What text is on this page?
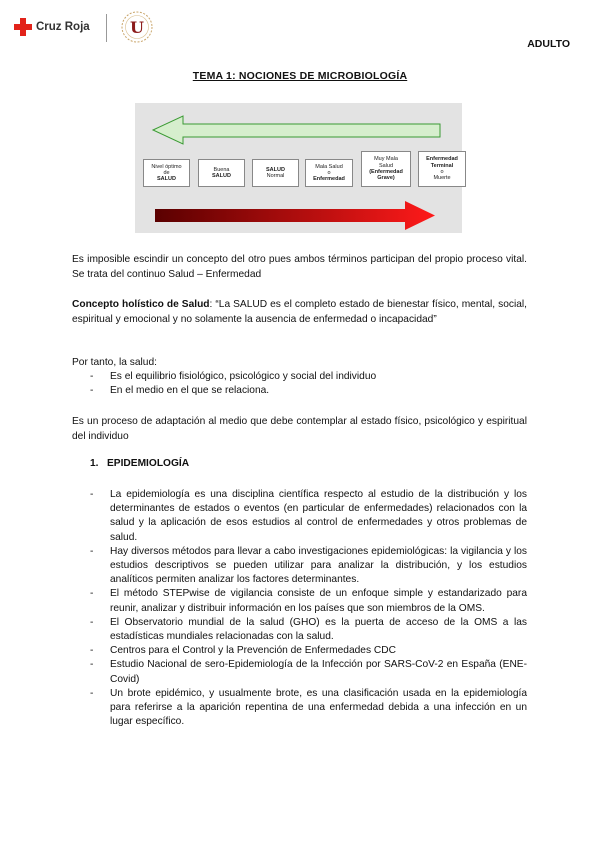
Cruz Roja	U
ADULTO
TEMA 1: NOCIONES DE MICROBIOLOGÍA
Nivel óptimo
de
SALUD
Buena
SALUD
SALUD
Normal
Mala Salud
o
Enfermedad
Muy Mala
Salud
(Enfermedad
Grave)
Enfermedad
Terminal
o
Muerte

Es imposible escindir un concepto del otro pues ambos términos participan del propio proceso vital. Se trata del continuo Salud – Enfermedad

Concepto holístico de Salud: “La SALUD es el completo estado de bienestar físico, mental, social, espiritual y emocional y no solamente la ausencia de enfermedad o incapacidad”

Por tanto, la salud:

- Es el equilibrio fisiológico, psicológico y social del individuo
- En el medio en el que se relaciona.

Es un proceso de adaptación al medio que debe contemplar al estado físico, psicológico y espiritual del individuo

1. EPIDEMIOLOGÍA
- La epidemiología es una disciplina científica respecto al estudio de la distribución y los determinantes de estados o eventos (en particular de enfermedades) relacionados con la salud y la aplicación de esos estudios al control de enfermedades y otros problemas de salud.
- Hay diversos métodos para llevar a cabo investigaciones epidemiológicas: la vigilancia y los estudios descriptivos se pueden utilizar para analizar la distribución, y los estudios analíticos permiten analizar los factores determinantes.
- El método STEPwise de vigilancia consiste de un enfoque simple y estandarizado para reunir, analizar y distribuir información en los países que son miembros de la OMS.
- El Observatorio mundial de la salud (GHO) es la puerta de acceso de la OMS a las estadísticas mundiales relacionadas con la salud.
- Centros para el Control y la Prevención de Enfermedades CDC
- Estudio Nacional de sero-Epidemiología de la Infección por SARS-CoV-2 en España (ENE-Covid)
- Un brote epidémico, y usualmente brote, es una clasificación usada en la epidemiología para referirse a la aparición repentina de una enfermedad debida a una infección en un lugar específico.
